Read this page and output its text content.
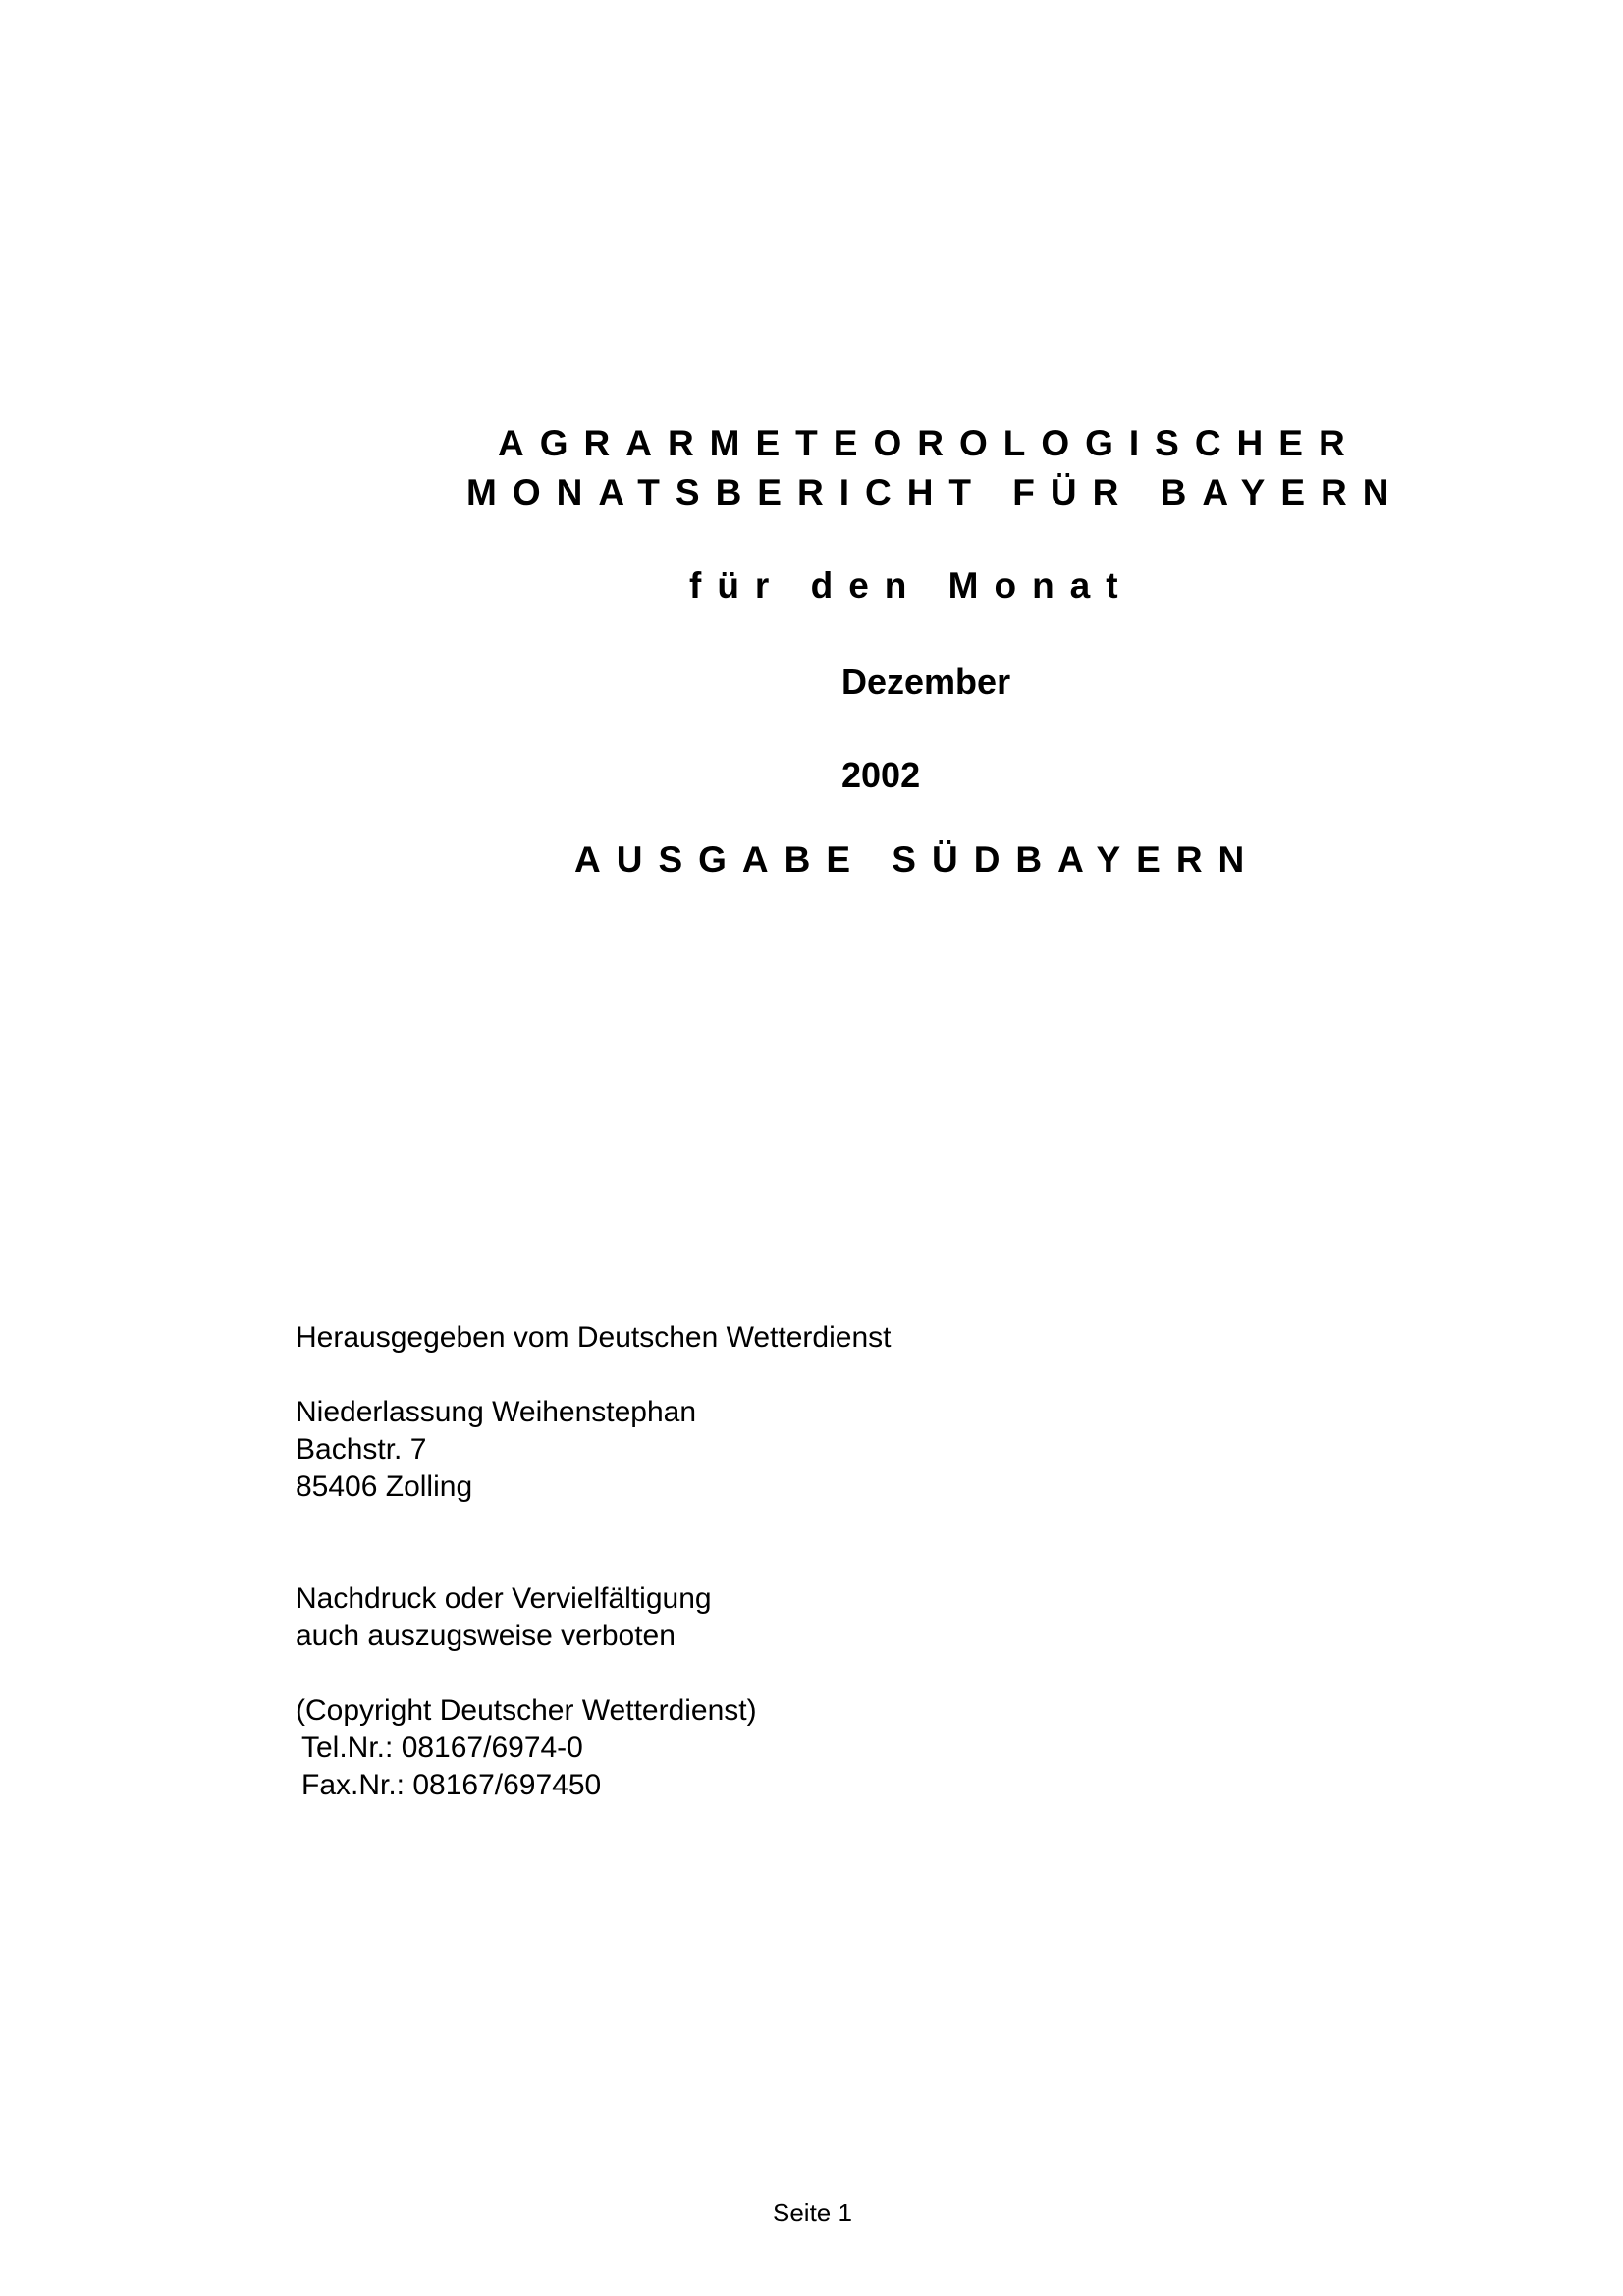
AGRARMETEOROLOGISCHER
MONATSBERICHT FÜR BAYERN
für den Monat
Dezember
2002
AUSGABE SÜDBAYERN
Herausgegeben vom Deutschen Wetterdienst
Niederlassung Weihenstephan
Bachstr. 7
85406 Zolling
Nachdruck oder Vervielfältigung
auch auszugsweise verboten
(Copyright Deutscher Wetterdienst)
Tel.Nr.: 08167/6974-0
Fax.Nr.: 08167/697450
Seite 1
